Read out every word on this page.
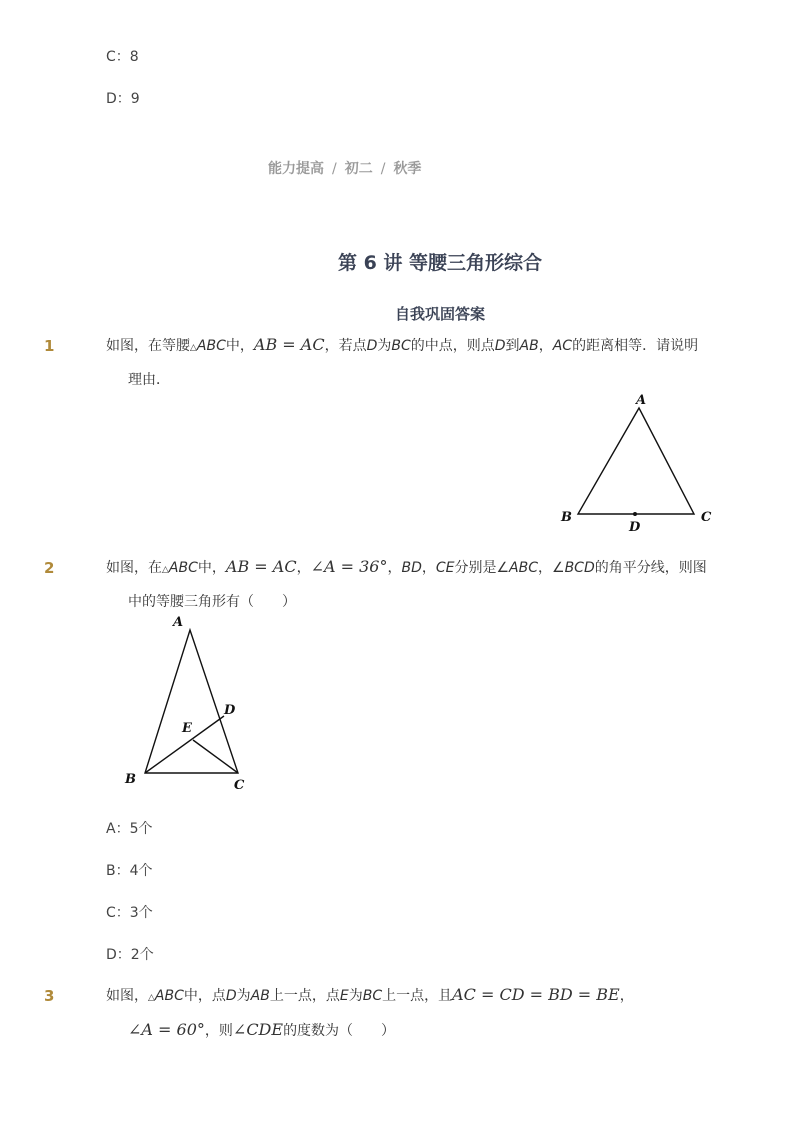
C：8
D：9
能力提高 / 初二 / 秋季
第 6 讲 等腰三角形综合
自我巩固答案
1	如图，在等腰△ABC中，AB = AC，若点D为BC的中点，则点D到AB，AC的距离相等．请说明
理由．
A
B	C
D
2	如图，在△ABC中，AB = AC，∠A = 36°，BD，CE分别是∠ABC，∠BCD的角平分线，则图
中的等腰三角形有（　　）
A
B	C
D
E
A：5个
B：4个
C：3个
D：2个
3	如图，△ABC中，点D为AB上一点，点E为BC上一点，且AC = CD = BD = BE，
∠A = 60°，则∠CDE的度数为（　　）
